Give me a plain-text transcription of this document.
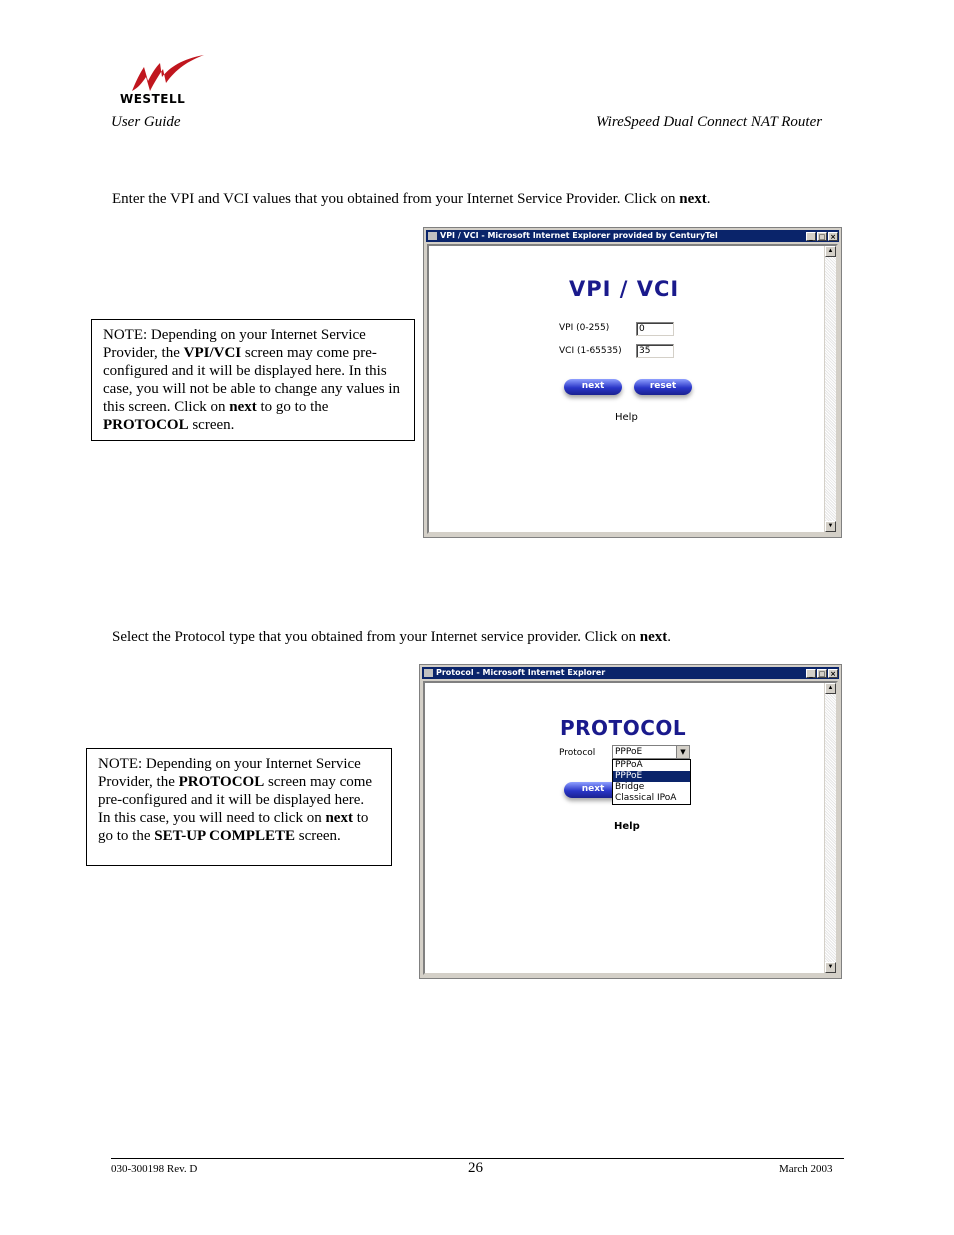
WESTELL
User Guide	WireSpeed Dual Connect NAT Router
Enter the VPI and VCI values that you obtained from your Internet Service Provider. Click on next.
NOTE: Depending on your Internet Service Provider, the VPI/VCI screen may come pre-configured and it will be displayed here. In this case, you will not be able to change any values in this screen. Click on next to go to the PROTOCOL screen.
VPI / VCI - Microsoft Internet Explorer provided by CenturyTel	_ □ ×
VPI / VCI
VPI (0-255)	0
VCI (1-65535)	35
next	reset
Help
▲
▼
Select the Protocol type that you obtained from your Internet service provider. Click on next.
NOTE: Depending on your Internet Service Provider, the PROTOCOL screen may come pre-configured and it will be displayed here. In this case, you will need to click on next to go to the SET-UP COMPLETE screen.
Protocol - Microsoft Internet Explorer	_ □ ×
PROTOCOL
Protocol	PPPoE	▼
next
PPPoA
PPPoE
Bridge
Classical IPoA
Help
▲
▼
030-300198 Rev. D	26	March 2003
